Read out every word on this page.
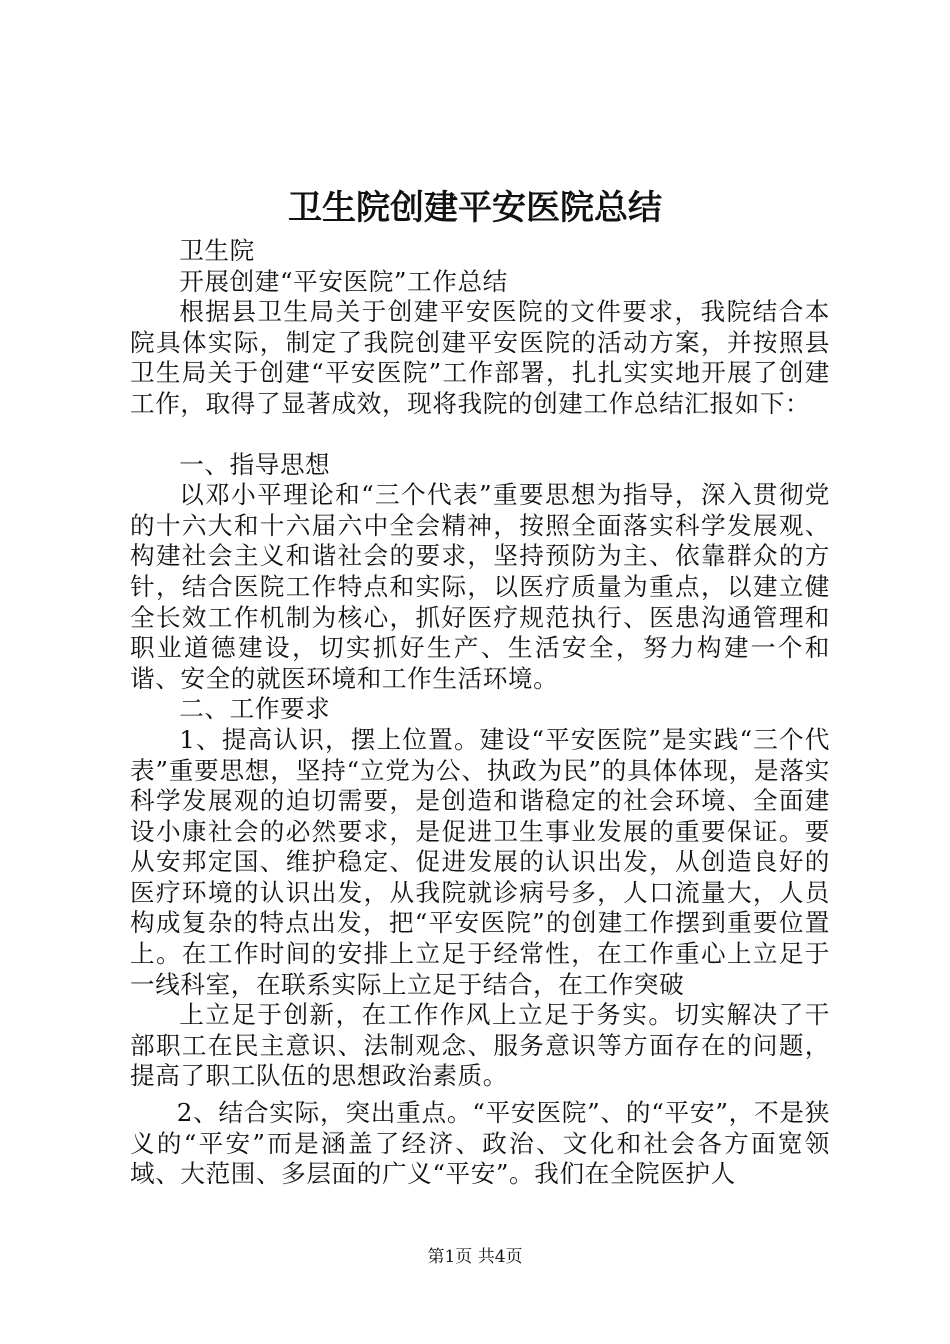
卫生院创建平安医院总结

卫生院

开展创建“平安医院”工作总结

根据县卫生局关于创建平安医院的文件要求，我院结合本院具体实际，制定了我院创建平安医院的活动方案，并按照县卫生局关于创建“平安医院”工作部署，扎扎实实地开展了创建工作，取得了显著成效，现将我院的创建工作总结汇报如下：

一、指导思想

以邓小平理论和“三个代表”重要思想为指导，深入贯彻党的十六大和十六届六中全会精神，按照全面落实科学发展观、构建社会主义和谐社会的要求，坚持预防为主、依靠群众的方针，结合医院工作特点和实际，以医疗质量为重点，以建立健全长效工作机制为核心，抓好医疗规范执行、医患沟通管理和职业道德建设，切实抓好生产、生活安全，努力构建一个和谐、安全的就医环境和工作生活环境。

二、工作要求

1、提高认识，摆上位置。建设“平安医院”是实践“三个代表”重要思想，坚持“立党为公、执政为民”的具体体现，是落实科学发展观的迫切需要，是创造和谐稳定的社会环境、全面建设小康社会的必然要求，是促进卫生事业发展的重要保证。要从安邦定国、维护稳定、促进发展的认识出发，从创造良好的医疗环境的认识出发，从我院就诊病号多，人口流量大，人员构成复杂的特点出发，把“平安医院”的创建工作摆到重要位置上。在工作时间的安排上立足于经常性，在工作重心上立足于一线科室，在联系实际上立足于结合，在工作突破

上立足于创新，在工作作风上立足于务实。切实解决了干部职工在民主意识、法制观念、服务意识等方面存在的问题，提高了职工队伍的思想政治素质。

2、结合实际，突出重点。“平安医院”、的“平安”，不是狭义的“平安”而是涵盖了经济、政治、文化和社会各方面宽领域、大范围、多层面的广义“平安”。我们在全院医护人

第1页 共4页
